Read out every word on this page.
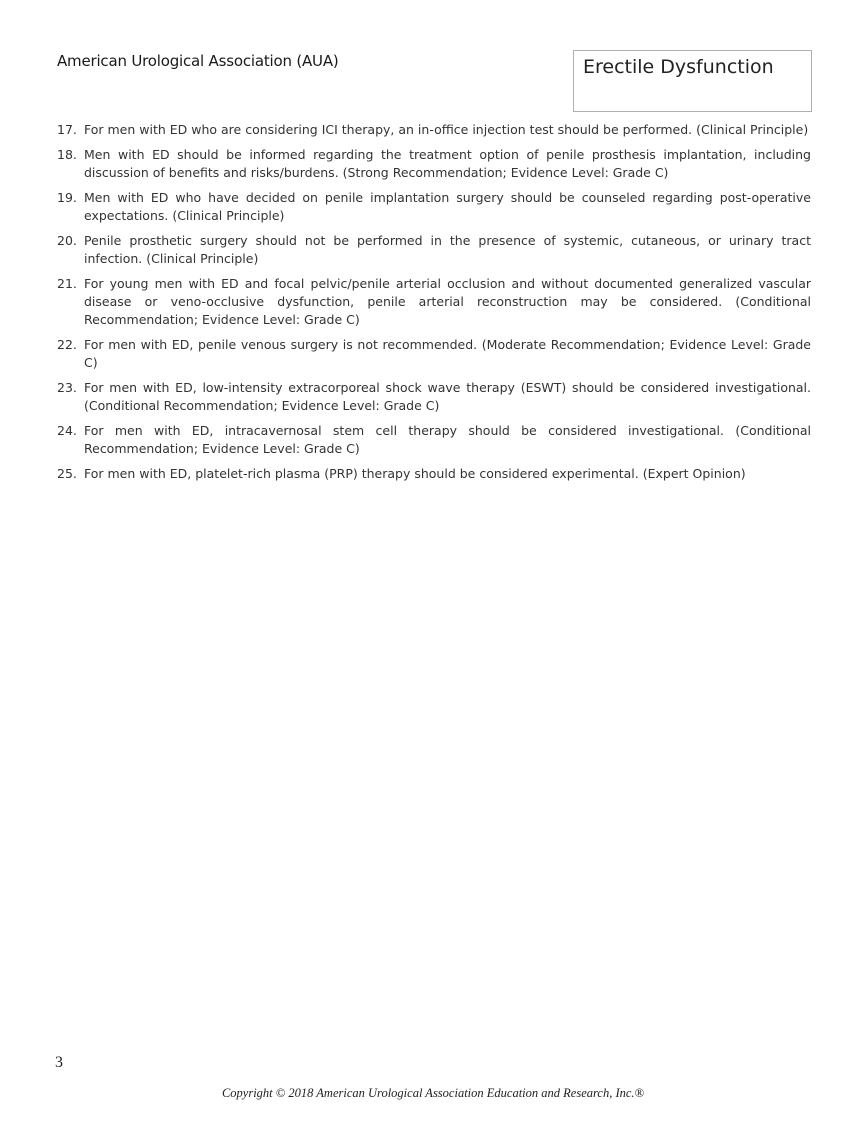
American Urological Association (AUA)	Erectile Dysfunction
17. For men with ED who are considering ICI therapy, an in-office injection test should be performed. (Clinical Principle)
18. Men with ED should be informed regarding the treatment option of penile prosthesis implantation, including discussion of benefits and risks/burdens. (Strong Recommendation; Evidence Level: Grade C)
19. Men with ED who have decided on penile implantation surgery should be counseled regarding post-operative expectations. (Clinical Principle)
20. Penile prosthetic surgery should not be performed in the presence of systemic, cutaneous, or urinary tract infection. (Clinical Principle)
21. For young men with ED and focal pelvic/penile arterial occlusion and without documented generalized vascular disease or veno-occlusive dysfunction, penile arterial reconstruction may be considered. (Conditional Recommendation; Evidence Level: Grade C)
22. For men with ED, penile venous surgery is not recommended. (Moderate Recommendation; Evidence Level: Grade C)
23. For men with ED, low-intensity extracorporeal shock wave therapy (ESWT) should be considered investigational. (Conditional Recommendation; Evidence Level: Grade C)
24. For men with ED, intracavernosal stem cell therapy should be considered investigational. (Conditional Recommendation; Evidence Level: Grade C)
25. For men with ED, platelet-rich plasma (PRP) therapy should be considered experimental. (Expert Opinion)
3
Copyright © 2018 American Urological Association Education and Research, Inc.®
